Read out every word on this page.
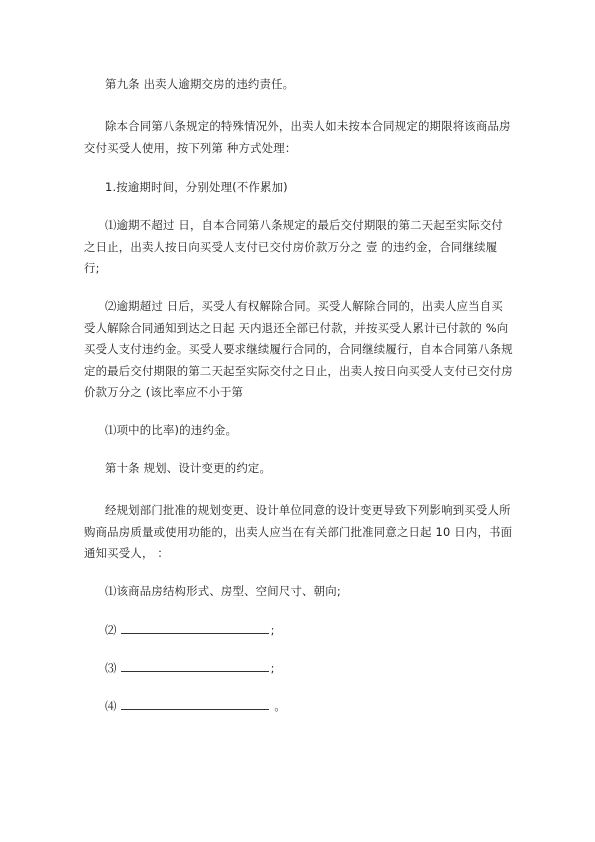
第九条 出卖人逾期交房的违约责任。
除本合同第八条规定的特殊情况外，出卖人如未按本合同规定的期限将该商品房
交付买受人使用，按下列第 种方式处理：
1.按逾期时间，分别处理(不作累加)
⑴逾期不超过 日，自本合同第八条规定的最后交付期限的第二天起至实际交付
之日止，出卖人按日向买受人支付已交付房价款万分之 壹 的违约金，合同继续履
行;
⑵逾期超过 日后，买受人有权解除合同。买受人解除合同的，出卖人应当自买
受人解除合同通知到达之日起 天内退还全部已付款，并按买受人累计已付款的 %向
买受人支付违约金。买受人要求继续履行合同的，合同继续履行，自本合同第八条规
定的最后交付期限的第二天起至实际交付之日止，出卖人按日向买受人支付已交付房
价款万分之 (该比率应不小于第
⑴项中的比率)的违约金。
第十条 规划、设计变更的约定。
经规划部门批准的规划变更、设计单位同意的设计变更导致下列影响到买受人所
购商品房质量或使用功能的，出卖人应当在有关部门批准同意之日起 10 日内，书面
通知买受人， ：
⑴该商品房结构形式、房型、空间尺寸、朝向;
⑵	;
⑶	;
⑷	。
